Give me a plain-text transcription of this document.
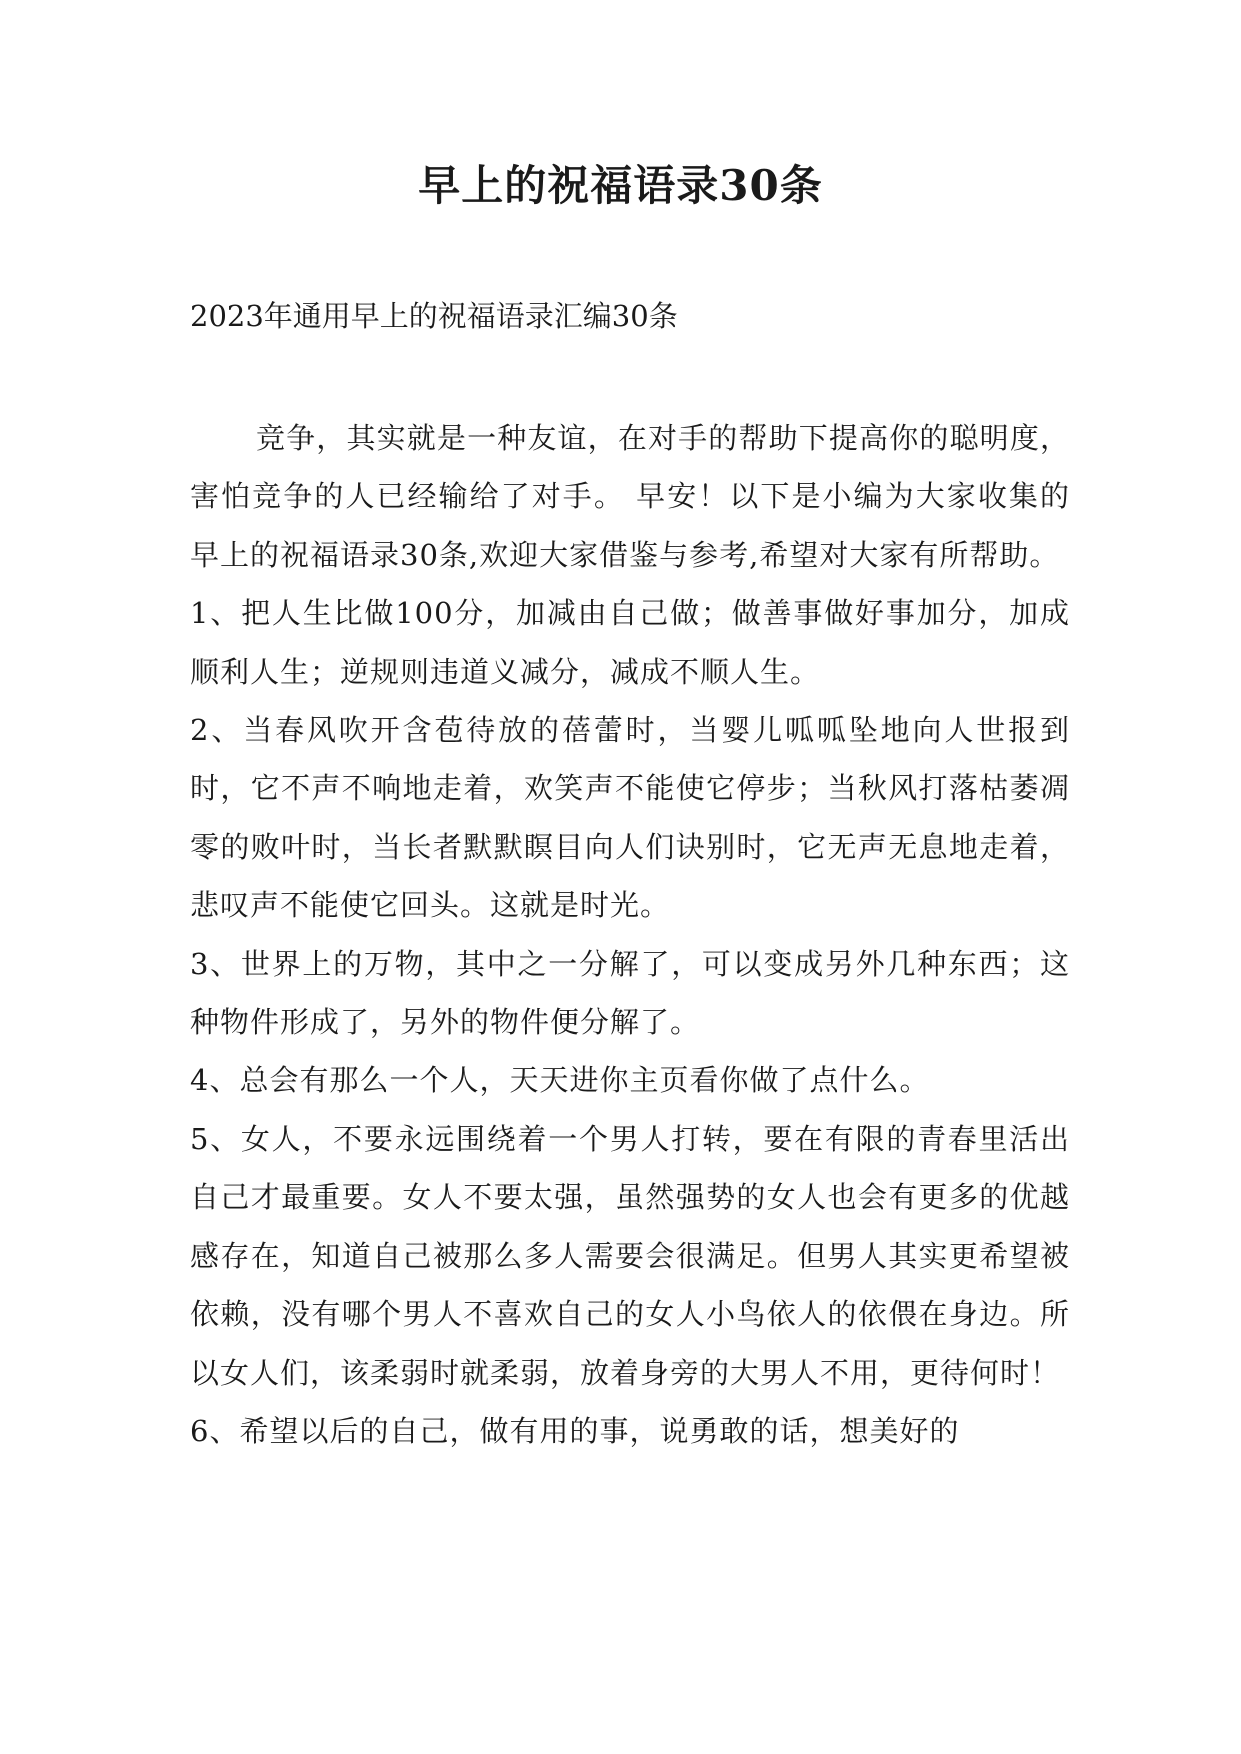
早上的祝福语录30条

2023年通用早上的祝福语录汇编30条

竞争，其实就是一种友谊，在对手的帮助下提高你的聪明度，害怕竞争的人已经输给了对手。 早安！以下是小编为大家收集的早上的祝福语录30条,欢迎大家借鉴与参考,希望对大家有所帮助。

1、把人生比做100分，加减由自己做；做善事做好事加分，加成顺利人生；逆规则违道义减分，减成不顺人生。

2、当春风吹开含苞待放的蓓蕾时，当婴儿呱呱坠地向人世报到时，它不声不响地走着，欢笑声不能使它停步；当秋风打落枯萎凋零的败叶时，当长者默默瞑目向人们诀别时，它无声无息地走着，悲叹声不能使它回头。这就是时光。

3、世界上的万物，其中之一分解了，可以变成另外几种东西；这种物件形成了，另外的物件便分解了。

4、总会有那么一个人，天天进你主页看你做了点什么。

5、女人，不要永远围绕着一个男人打转，要在有限的青春里活出自己才最重要。女人不要太强，虽然强势的女人也会有更多的优越感存在，知道自己被那么多人需要会很满足。但男人其实更希望被依赖，没有哪个男人不喜欢自己的女人小鸟依人的依偎在身边。所以女人们，该柔弱时就柔弱，放着身旁的大男人不用，更待何时！

6、希望以后的自己，做有用的事，说勇敢的话，想美好的
